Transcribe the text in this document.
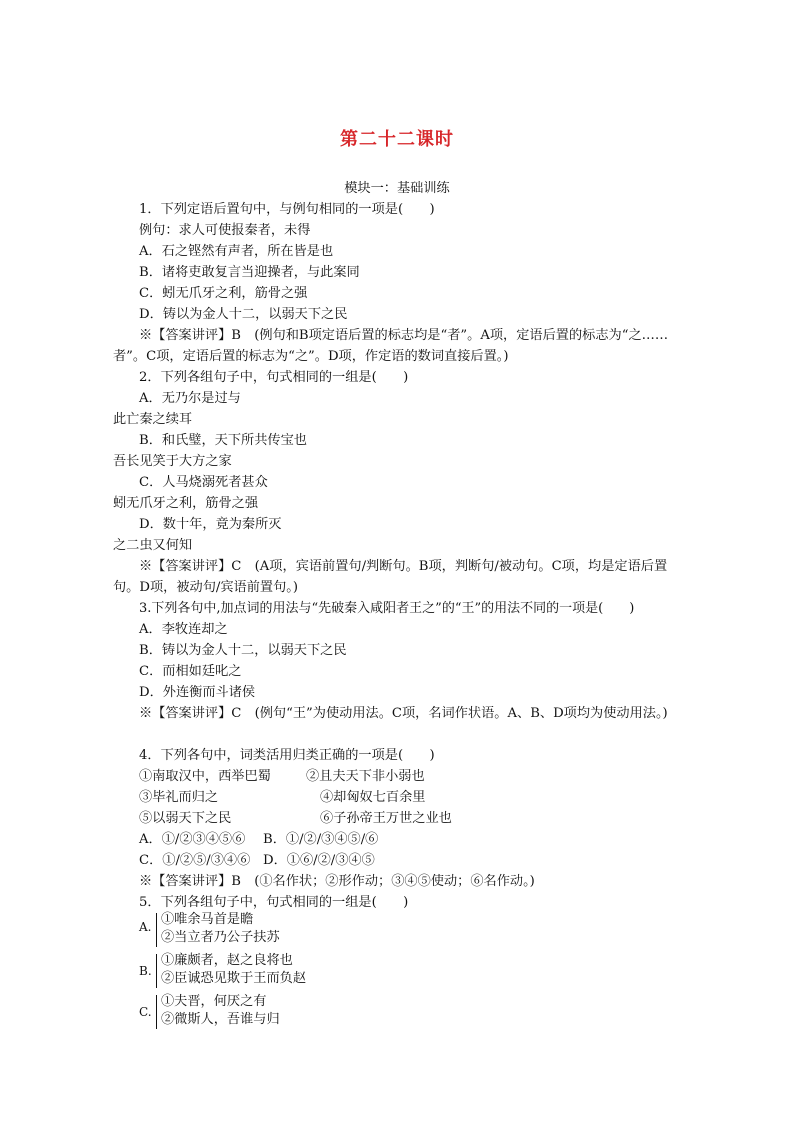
第二十二课时
模块一：基础训练
1．下列定语后置句中，与例句相同的一项是(　　)
例句：求人可使报秦者，未得
A．石之铿然有声者，所在皆是也
B．诸将吏敢复言当迎操者，与此案同
C．蚓无爪牙之利，筋骨之强
D．铸以为金人十二，以弱天下之民
※【答案讲评】B　(例句和B项定语后置的标志均是“者”。A项，定语后置的标志为“之……者”。C项，定语后置的标志为“之”。D项，作定语的数词直接后置。)
2．下列各组句子中，句式相同的一组是(　　)
A．无乃尔是过与
此亡秦之续耳
B．和氏璧，天下所共传宝也
吾长见笑于大方之家
C．人马烧溺死者甚众
蚓无爪牙之利，筋骨之强
D．数十年，竟为秦所灭
之二虫又何知
※【答案讲评】C　(A项，宾语前置句/判断句。B项，判断句/被动句。C项，均是定语后置句。D项，被动句/宾语前置句。)
3.下列各句中,加点词的用法与“先破秦入咸阳者王之”的“王”的用法不同的一项是(　　)
A．李牧连却之
B．铸以为金人十二，以弱天下之民
C．而相如廷叱之
D．外连衡而斗诸侯
※【答案讲评】C　(例句“王”为使动用法。C项，名词作状语。A、B、D项均为使动用法。)
4．下列各句中，词类活用归类正确的一项是(　　)
①南取汉中，西举巴蜀	②且夫天下非小弱也
③毕礼而归之	④却匈奴七百余里
⑤以弱天下之民	⑥子孙帝王万世之业也
A．①/②③④⑤⑥ B．①/②/③④⑤/⑥
C．①/②⑤/③④⑥ D．①⑥/②/③④⑤
※【答案讲评】B　(①名作状；②形作动；③④⑤使动；⑥名作动。)
5．下列各组句子中，句式相同的一组是(　　)
A. ①唯余马首是瞻
②当立者乃公子扶苏
B.
①廉颇者，赵之良将也
②臣诚恐见欺于王而负赵
C.
①夫晋，何厌之有
②微斯人，吾谁与归
